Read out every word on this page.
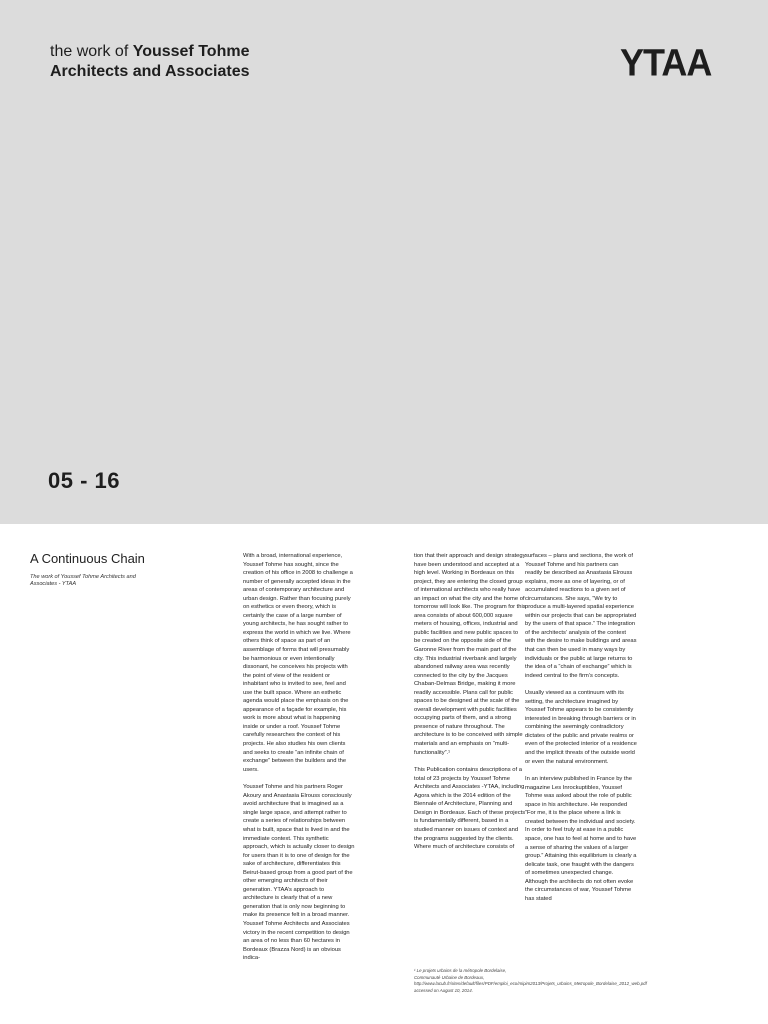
the work of Youssef Tohme
Architects and Associates	YTAA
05 - 16
A Continuous Chain
The work of Youssef Tohme Architects and Associates - YTAA

With a broad, international experience, Youssef Tohme has sought, since the creation of his office in 2008 to challenge a number of generally accepted ideas in the areas of contemporary architecture and urban design. Rather than focusing purely on esthetics or even theory, which is certainly the case of a large number of young architects, he has sought rather to express the world in which we live. Where others think of space as part of an assemblage of forms that will presumably be harmonious or even intentionally dissonant, he conceives his projects with the point of view of the resident or inhabitant who is invited to see, feel and use the built space. Where an esthetic agenda would place the emphasis on the appearance of a façade for example, his work is more about what is happening inside or under a roof. Youssef Tohme carefully researches the context of his projects. He also studies his own clients and seeks to create “an infinite chain of exchange” between the builders and the users.

Youssef Tohme and his partners Roger Akoury and Anastasia Elrouss consciously avoid architecture that is imagined as a single large space, and attempt rather to create a series of relationships between what is built, space that is lived in and the immediate context. This synthetic approach, which is actually closer to design for users than it is to one of design for the sake of architecture, differentiates this Beirut-based group from a good part of the other emerging architects of their generation. YTAA’s approach to architecture is clearly that of a new generation that is only now beginning to make its presence felt in a broad manner. Youssef Tohme Architects and Associates victory in the recent competition to design an area of no less than 60 hectares in Bordeaux (Brazza Nord) is an obvious indica-

tion that their approach and design strategy have been understood and accepted at a high level. Working in Bordeaux on this project, they are entering the closed group of international architects who really have an impact on what the city and the home of tomorrow will look like. The program for this area consists of about 600,000 square meters of housing, offices, industrial and public facilities and new public spaces to be created on the opposite side of the Garonne River from the main part of the city. This industrial riverbank and largely abandoned railway area was recently connected to the city by the Jacques Chaban-Delmas Bridge, making it more readily accessible. Plans call for public spaces to be designed at the scale of the overall development with public facilities occupying parts of them, and a strong presence of nature throughout. The architecture is to be conceived with simple materials and an emphasis on “multi-functionality”.¹

This Publication contains descriptions of a total of 23 projects by Youssef Tohme Architects and Associates -YTAA, including Agora which is the 2014 edition of the Biennale of Architecture, Planning and Design in Bordeaux. Each of these projects is fundamentally different, based in a studied manner on issues of context and the programs suggested by the clients. Where much of architecture consists of

surfaces – plans and sections, the work of Youssef Tohme and his partners can readily be described as Anastasia Elrouss explains, more as one of layering, or of accumulated reactions to a given set of circumstances. She says, “We try to produce a multi-layered spatial experience within our projects that can be appropriated by the users of that space.” The integration of the architects’ analysis of the context with the desire to make buildings and areas that can then be used in many ways by individuals or the public at large returns to the idea of a “chain of exchange” which is indeed central to the firm’s concepts.

Usually viewed as a continuum with its setting, the architecture imagined by Youssef Tohme appears to be consistently interested in breaking through barriers or in combining the seemingly contradictory dictates of the public and private realms or even of the protected interior of a residence and the implicit threats of the outside world or even the natural environment.

In an interview published in France by the magazine Les Inrockuptibles, Youssef Tohme was asked about the role of public space in his architecture. He responded “For me, it is the place where a link is created between the individual and society. In order to feel truly at ease in a public space, one has to feel at home and to have a sense of sharing the values of a larger group.” Attaining this equilibrium is clearly a delicate task, one fraught with the dangers of sometimes unexpected change. Although the architects do not often evoke the circumstances of war, Youssef Tohme has stated

¹ Le projets urbains de la métropole Bordelaise, Communauté Urbaine de Bordeaux, http://www.lacub.fr/sites/default/files/PDF/emploi_eco/mipim2013/Projets_urbains_Metropole_Bordelaise_2012_web.pdf accessed on August 10, 2014.
